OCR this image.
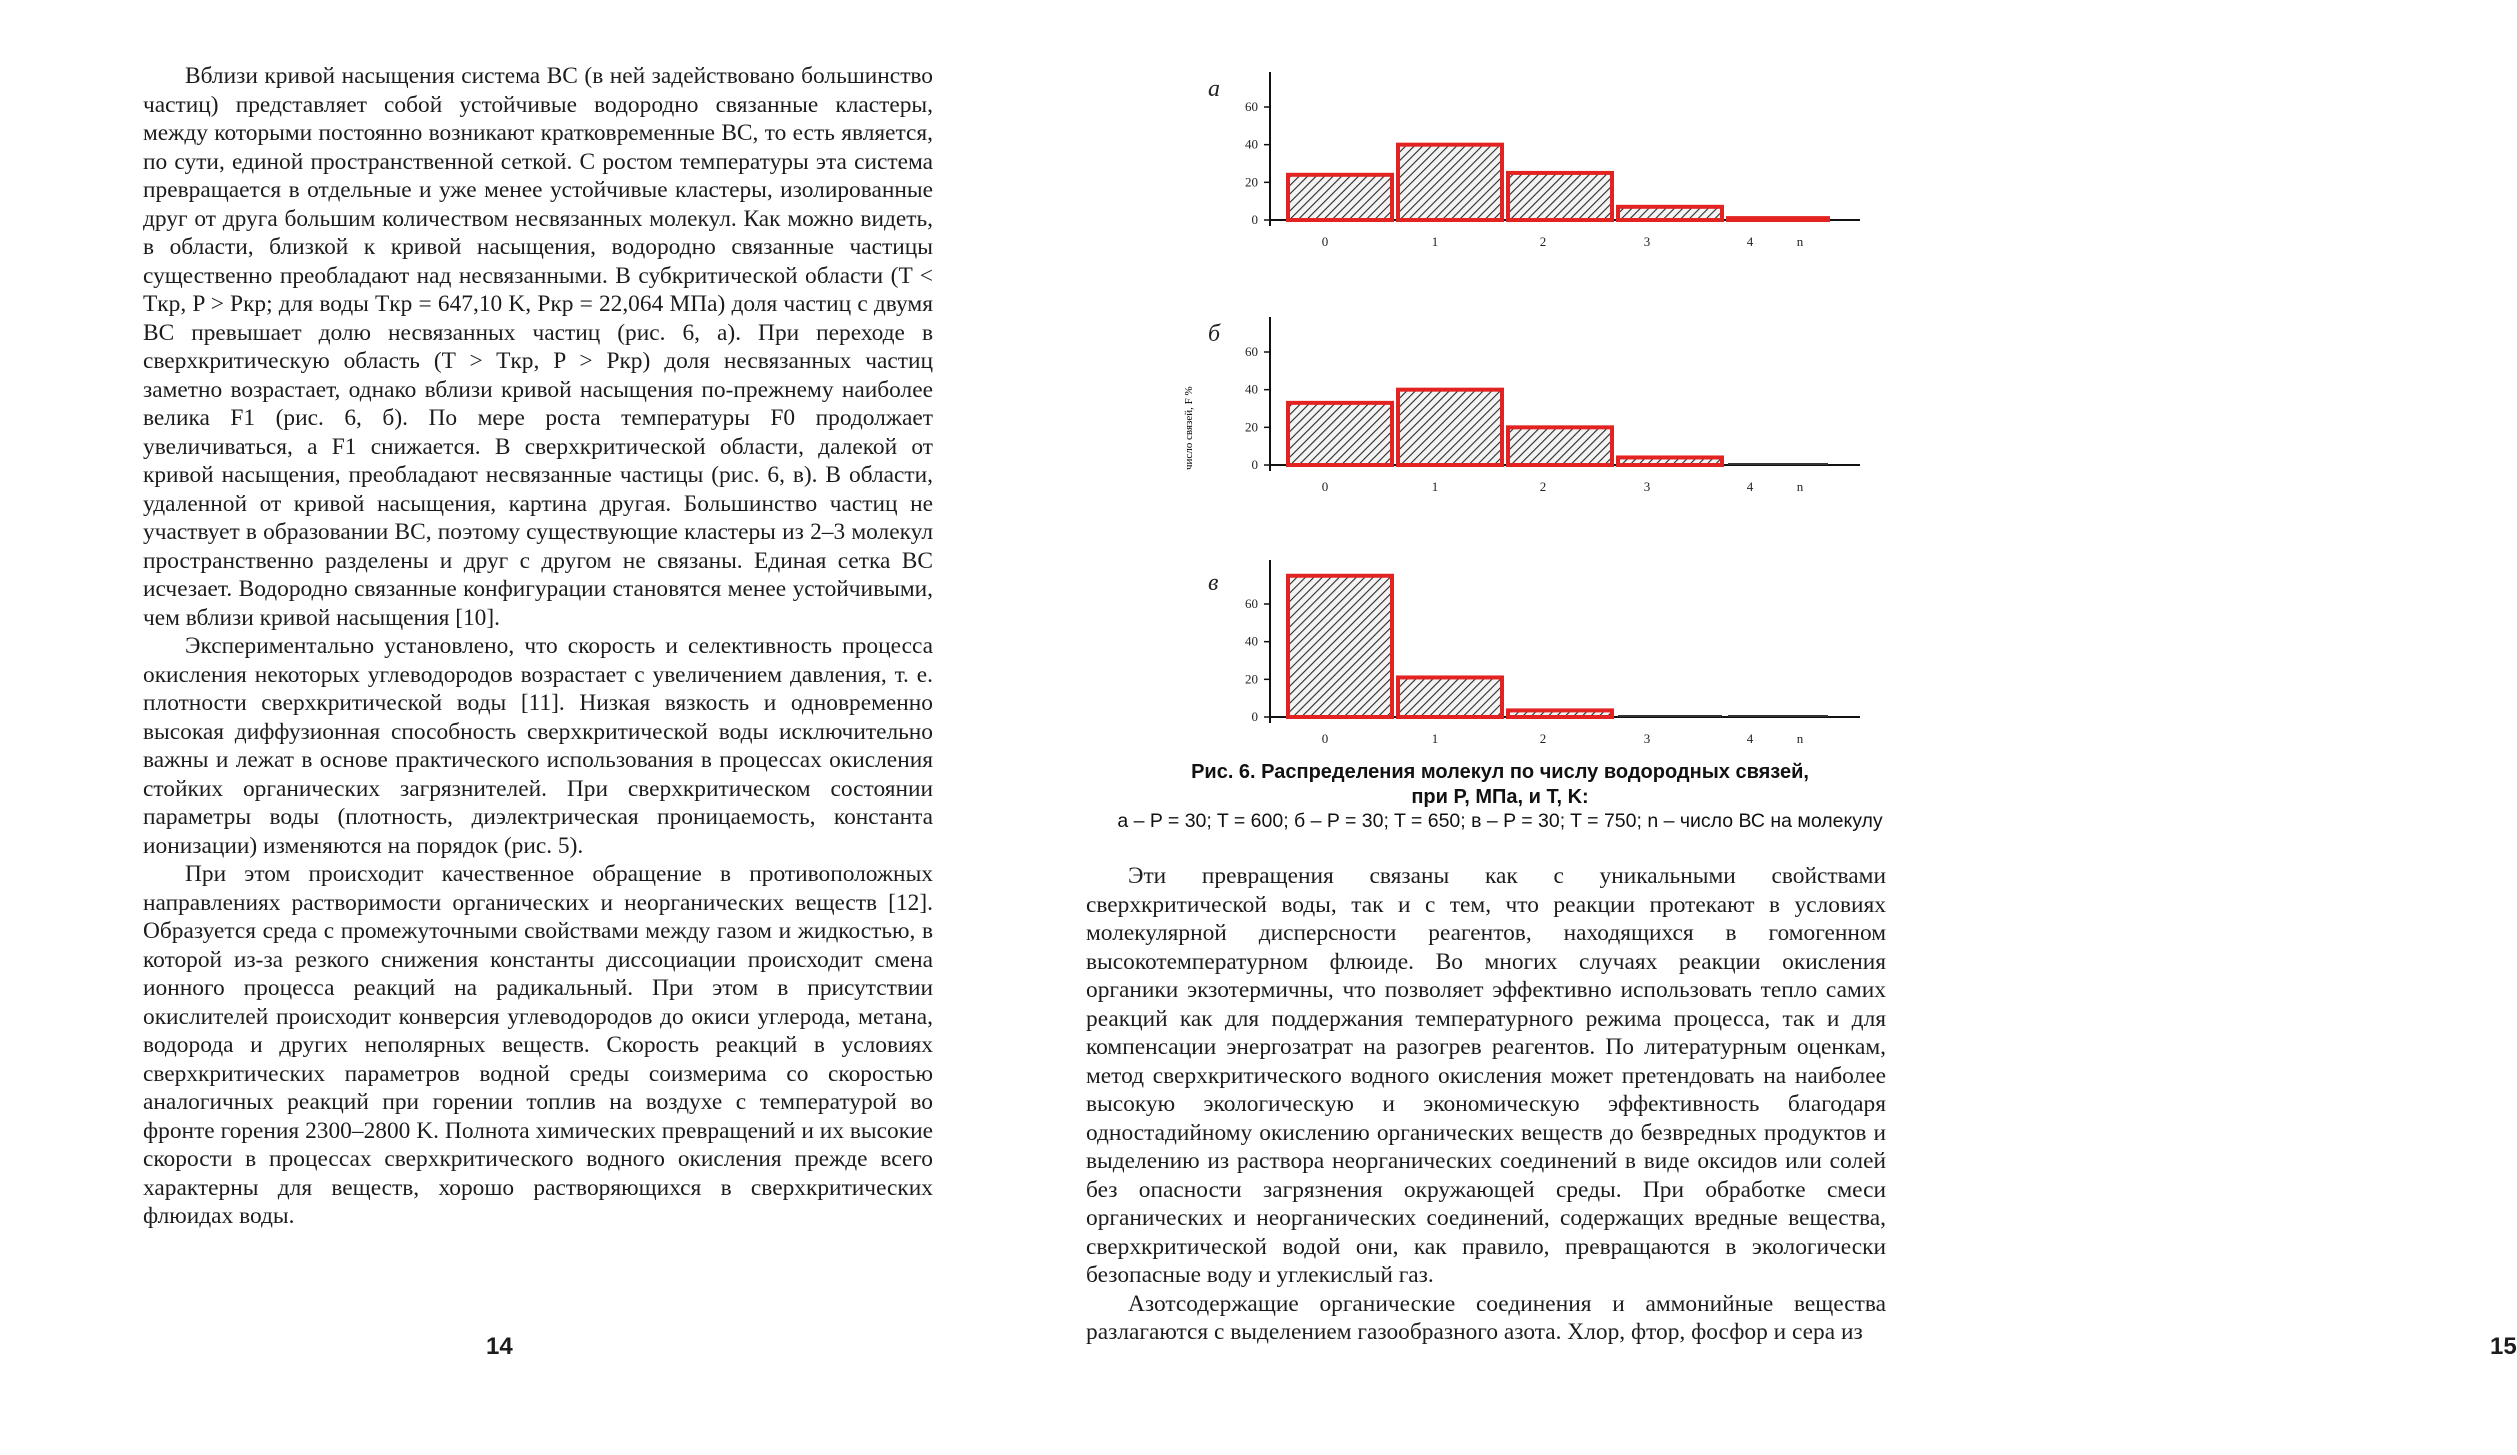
Вблизи кривой насыщения система ВС (в ней задействовано большинство частиц) представляет собой устойчивые водородно связанные кластеры, между которыми постоянно возникают кратковременные ВС, то есть является, по сути, единой пространственной сеткой. С ростом температуры эта система превращается в отдельные и уже менее устойчивые кластеры, изолированные друг от друга большим количеством несвязанных молекул. Как можно видеть, в области, близкой к кривой насыщения, водородно связанные частицы существенно преобладают над несвязанными. В субкритической области (T < Tкр, P > Pкр; для воды Tкр = 647,10 K, Pкр = 22,064 МПа) доля частиц с двумя ВС превышает долю несвязанных частиц (рис. 6, а). При переходе в сверхкритическую область (T > Tкр, P > Pкр) доля несвязанных частиц заметно возрастает, однако вблизи кривой насыщения по-прежнему наиболее велика F1 (рис. 6, б). По мере роста температуры F0 продолжает увеличиваться, а F1 снижается. В сверхкритической области, далекой от кривой насыщения, преобладают несвязанные частицы (рис. 6, в). В области, удаленной от кривой насыщения, картина другая. Большинство частиц не участвует в образовании ВС, поэтому существующие кластеры из 2–3 молекул пространственно разделены и друг с другом не связаны. Единая сетка ВС исчезает. Водородно связанные конфигурации становятся менее устойчивыми, чем вблизи кривой насыщения [10].

Экспериментально установлено, что скорость и селективность процесса окисления некоторых углеводородов возрастает с увеличением давления, т. е. плотности сверхкритической воды [11]. Низкая вязкость и одновременно высокая диффузионная способность сверхкритической воды исключительно важны и лежат в основе практического использования в процессах окисления стойких органических загрязнителей. При сверхкритическом состоянии параметры воды (плотность, диэлектрическая проницаемость, константа ионизации) изменяются на порядок (рис. 5).

При этом происходит качественное обращение в противоположных направлениях растворимости органических и неорганических веществ [12]. Образуется среда с промежуточными свойствами между газом и жидкостью, в которой из-за резкого снижения константы диссоциации происходит смена ионного процесса реакций на радикальный. При этом в присутствии окислителей происходит конверсия углеводородов до окиси углерода, метана, водорода и других неполярных веществ. Скорость реакций в условиях сверхкритических параметров водной среды соизмерима со скоростью аналогичных реакций при горении топлив на воздухе с температурой во фронте горения 2300–2800 K. Полнота химических превращений и их высокие скорости в процессах сверхкритического водного окисления прежде всего характерны для веществ, хорошо растворяющихся в сверхкритических флюидах воды.

14
а
60
40
20
0
0	1	2	3	4	n
б
60
40
20
0
0	1	2	3	4	n
в
60
40
20
0
0	1	2	3	4	n
число связей, F %
Рис. 6. Распределения молекул по числу водородных связей,
при P, МПа, и T, K:
а – P = 30; T = 600; б – P = 30; T = 650; в – P = 30; T = 750; n – число ВС на молекулу

Эти превращения связаны как с уникальными свойствами сверхкритической воды, так и с тем, что реакции протекают в условиях молекулярной дисперсности реагентов, находящихся в гомогенном высокотемпературном флюиде. Во многих случаях реакции окисления органики экзотермичны, что позволяет эффективно использовать тепло самих реакций как для поддержания температурного режима процесса, так и для компенсации энергозатрат на разогрев реагентов. По литературным оценкам, метод сверхкритического водного окисления может претендовать на наиболее высокую экологическую и экономическую эффективность благодаря одностадийному окислению органических веществ до безвредных продуктов и выделению из раствора неорганических соединений в виде оксидов или солей без опасности загрязнения окружающей среды. При обработке смеси органических и неорганических соединений, содержащих вредные вещества, сверхкритической водой они, как правило, превращаются в экологически безопасные воду и углекислый газ.

Азотсодержащие органические соединения и аммонийные вещества разлагаются с выделением газообразного азота. Хлор, фтор, фосфор и сера из

15
